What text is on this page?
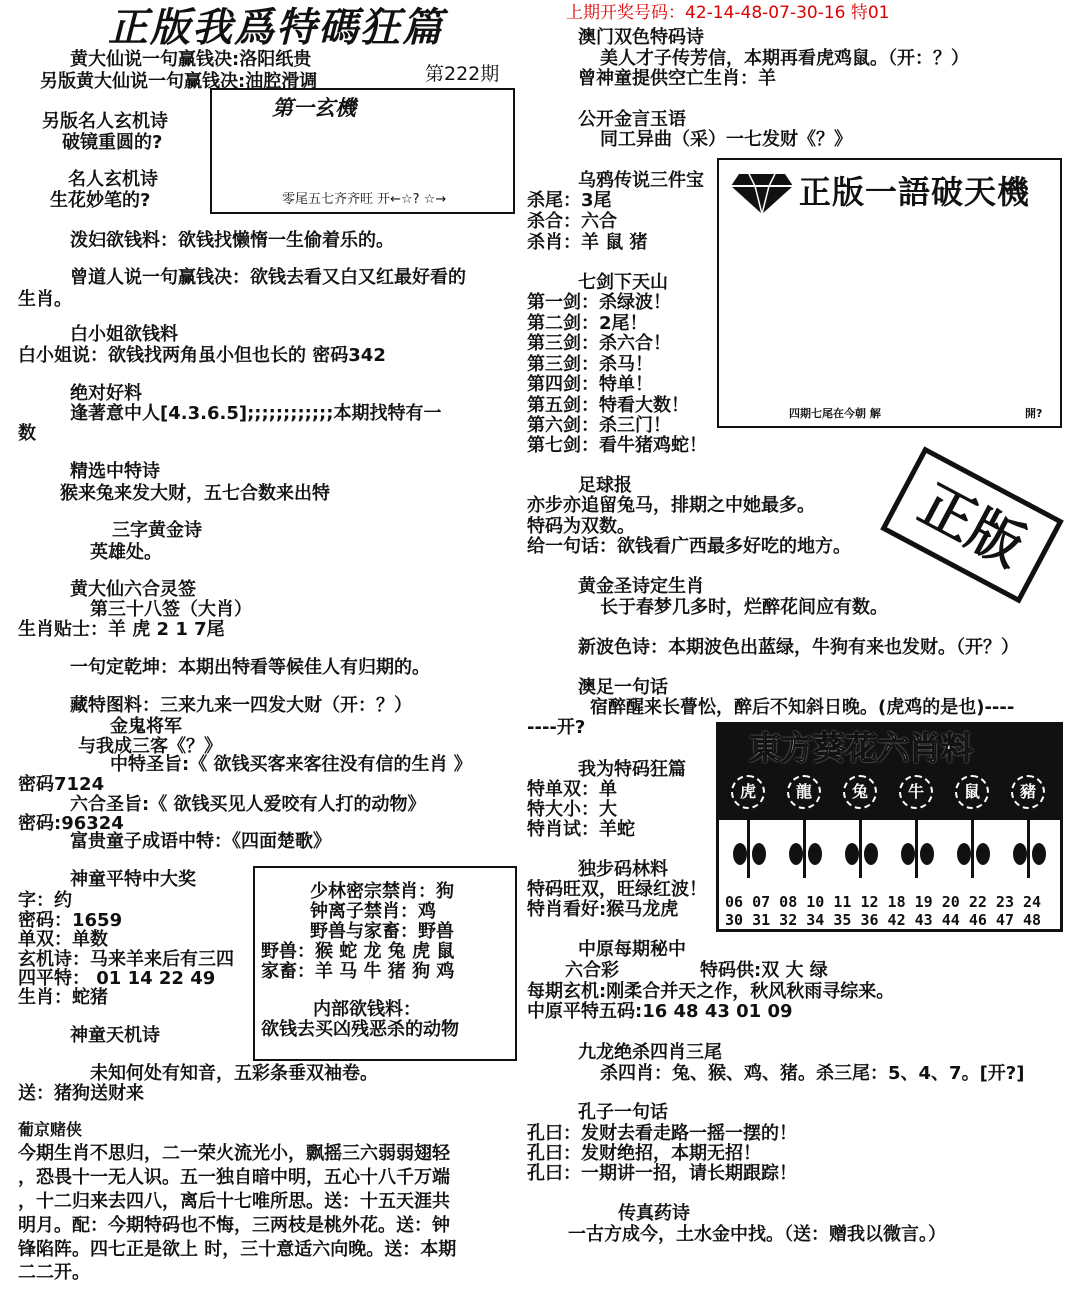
正版我爲特碼狂篇	上期开奖号码：42-14-48-07-30-16 特01
第222期
黄大仙说一句赢钱决:洛阳纸贵
另版黄大仙说一句赢钱决:油腔滑调
另版名人玄机诗
破镜重圆的?
名人玄机诗
生花妙笔的?
第一玄機
零尾五七齐齐旺 开←☆? ☆→
泼妇欲钱料：欲钱找懒惰一生偷着乐的。
曾道人说一句赢钱决：欲钱去看又白又红最好看的
生肖。
白小姐欲钱料
白小姐说：欲钱找两角虽小但也长的 密码342
绝对好料
逢著意中人[4.3.6.5];;;;;;;;;;;;本期找特有一
数
精选中特诗
猴来兔来发大财，五七合数来出特
三字黄金诗
英雄处。
黄大仙六合灵签
第三十八签（大肖）
生肖贴士：羊 虎 2 1 7尾
一句定乾坤：本期出特看等候佳人有归期的。
藏特图料：三来九来一四发大财（开：？）
金鬼将军
与我成三客《？》
中特圣旨:《 欲钱买客来客往没有信的生肖 》
密码7124
六合圣旨:《 欲钱买见人爱咬有人打的动物》
密码:96324
富贵童子成语中特：《四面楚歌》
神童平特中大奖
字：约
密码：1659
单双：单数
玄机诗：马来羊来后有三四
四平特： 01 14 22 49
生肖：蛇猪
神童天机诗
未知何处有知音，五彩条垂双袖卷。
送：猪狗送财来
葡京赌侠
今期生肖不思归，二一荣火流光小，飘摇三六弱弱翅轻
，恐畏十一无人识。五一独自暗中明，五心十八千万端
，十二归来去四八，离后十七唯所思。送：十五天涯共
明月。配：今期特码也不悔，三两枝是桃外花。送：钟
锋陷阵。四七正是欲上 时，三十意适六向晚。送：本期
二二开。
少林密宗禁肖：狗
钟离子禁肖：鸡
野兽与家畜：野兽
野兽：猴 蛇 龙 兔 虎 鼠
家畜：羊 马 牛 猪 狗 鸡
内部欲钱料：
欲钱去买凶残恶杀的动物
澳门双色特码诗
美人才子传芳信，本期再看虎鸡鼠。（开：？）
曾神童提供空亡生肖：羊
公开金言玉语
同工异曲（采）一七发财《？》
乌鸦传说三件宝
杀尾：3尾
杀合：六合
杀肖：羊 鼠 猪
七剑下天山
第一剑：杀绿波！
第二剑：2尾！
第三剑：杀六合！
第三剑：杀马！
第四剑：特单！
第五剑：特看大数！
第六剑：杀三门！
第七剑：看牛猪鸡蛇！
正版一語破天機
四期七尾在今朝 解	開?
正版
足球报
亦步亦追留兔马，排期之中她最多。
特码为双数。
给一句话：欲钱看广西最多好吃的地方。
黄金圣诗定生肖
长于春梦几多时，烂醉花间应有数。
新波色诗：本期波色出蓝绿，牛狗有来也发财。（开？）
澳足一句话
宿醉醒来长瞢忪，醉后不知斜日晚。(虎鸡的是也)----
----开?
我为特码狂篇
特单双：单
特大小：大
特肖试：羊蛇
独步码林料
特码旺双，旺绿红波！
特肖看好:猴马龙虎
中原每期秘中
六合彩	特码供:双 大 绿
每期玄机:刚柔合并天之作，秋风秋雨寻综来。
中原平特五码:16 48 43 01 09
九龙绝杀四肖三尾
杀四肖：兔、猴、鸡、猪。杀三尾：5、4、7。[开?]
孔子一句话
孔曰：发财去看走路一摇一摆的！
孔曰：发财绝招，本期无招！
孔曰：一期讲一招，请长期跟踪！
传真药诗
一古方成今，土水金中找。（送：赠我以微言。）
東方葵花六肖料
虎	龍	兔	牛	鼠	豬
06 07 08 10 11 12 18 19 20 22 23 24
30 31 32 34 35 36 42 43 44 46 47 48
